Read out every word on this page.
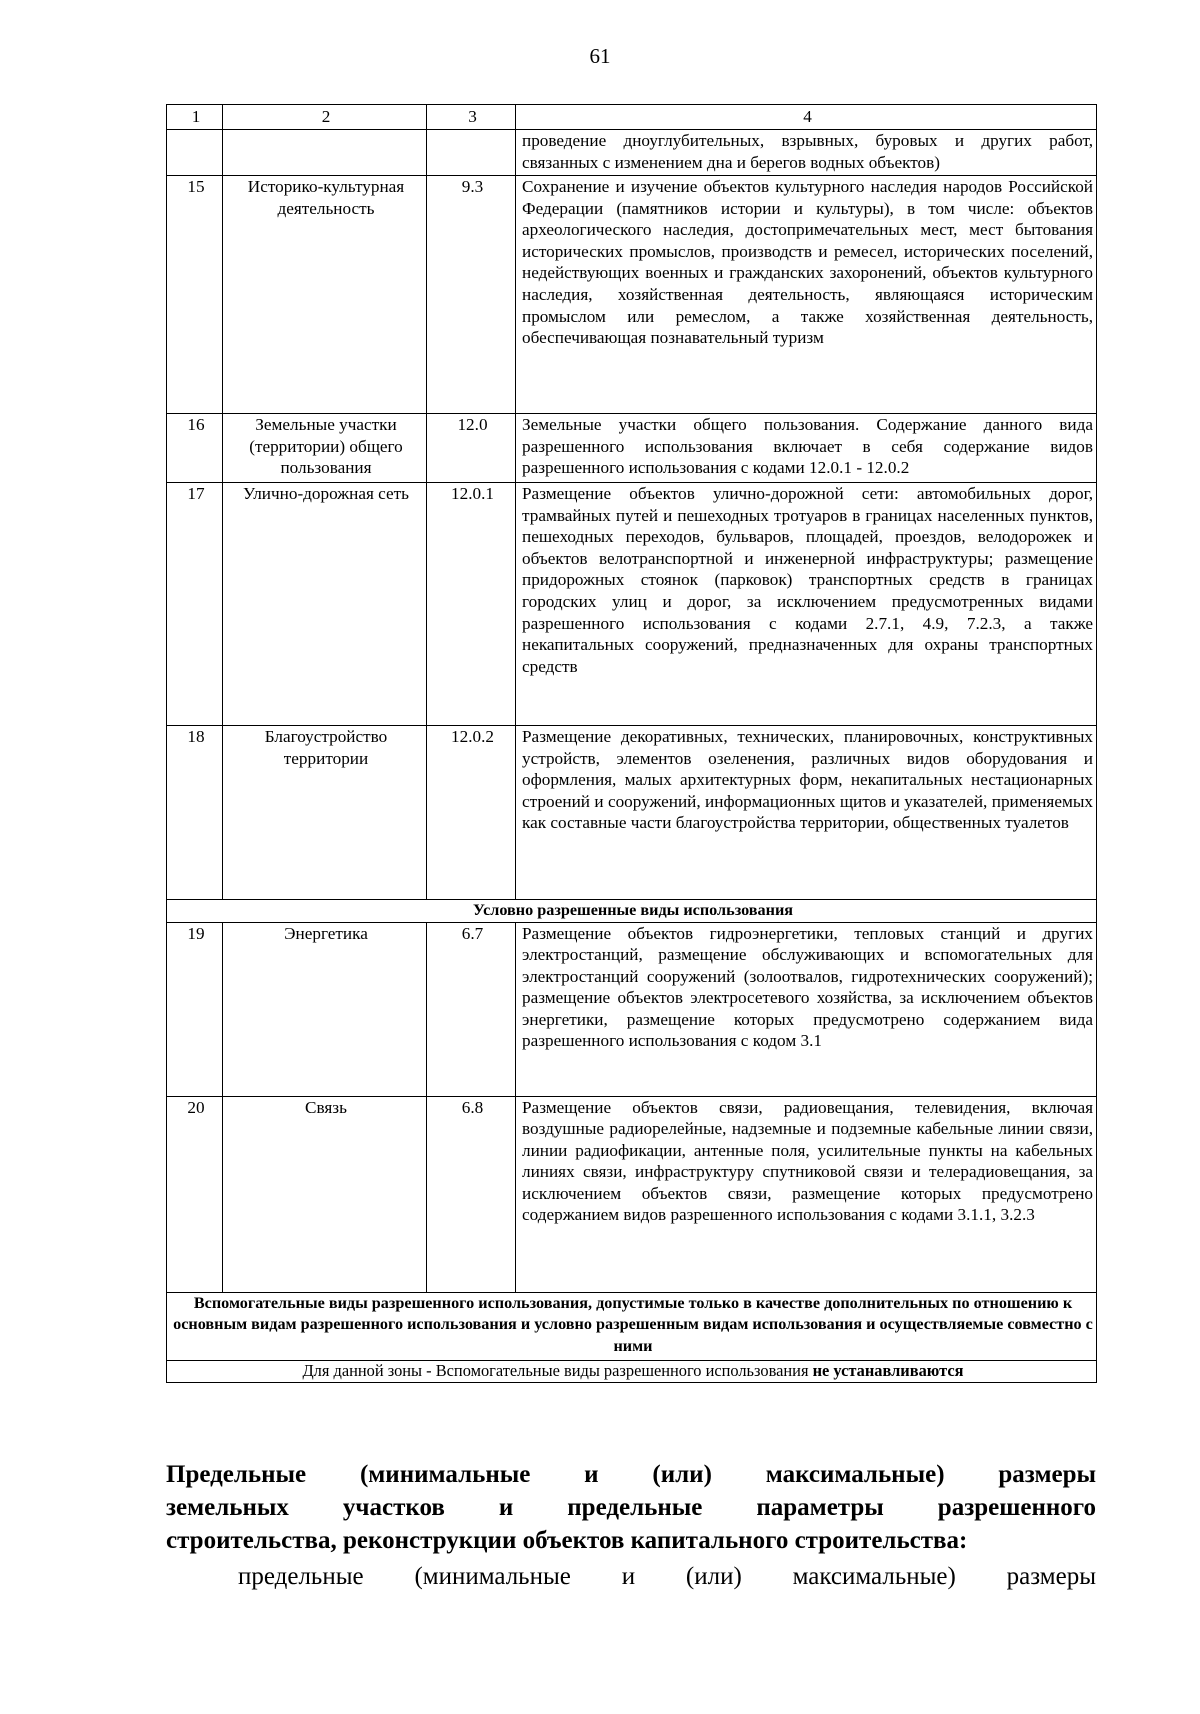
61
1	2	3	4
			проведение дноуглубительных, взрывных, буровых и других работ, связанных с изменением дна и берегов водных объектов)
15	Историко-культурная деятельность	9.3	Сохранение и изучение объектов культурного наследия народов Российской Федерации (памятников истории и культуры), в том числе: объектов археологического наследия, достопримечательных мест, мест бытования исторических промыслов, производств и ремесел, исторических поселений, недействующих военных и гражданских захоронений, объектов культурного наследия, хозяйственная деятельность, являющаяся историческим промыслом или ремеслом, а также хозяйственная деятельность, обеспечивающая познавательный туризм
16	Земельные участки (территории) общего пользования	12.0	Земельные участки общего пользования. Содержание данного вида разрешенного использования включает в себя содержание видов разрешенного использования с кодами 12.0.1 - 12.0.2
17	Улично-дорожная сеть	12.0.1	Размещение объектов улично-дорожной сети: автомобильных дорог, трамвайных путей и пешеходных тротуаров в границах населенных пунктов, пешеходных переходов, бульваров, площадей, проездов, велодорожек и объектов велотранспортной и инженерной инфраструктуры; размещение придорожных стоянок (парковок) транспортных средств в границах городских улиц и дорог, за исключением предусмотренных видами разрешенного использования с кодами 2.7.1, 4.9, 7.2.3, а также некапитальных сооружений, предназначенных для охраны транспортных средств
18	Благоустройство территории	12.0.2	Размещение декоративных, технических, планировочных, конструктивных устройств, элементов озеленения, различных видов оборудования и оформления, малых архитектурных форм, некапитальных нестационарных строений и сооружений, информационных щитов и указателей, применяемых как составные части благоустройства территории, общественных туалетов
Условно разрешенные виды использования			
19	Энергетика	6.7	Размещение объектов гидроэнергетики, тепловых станций и других электростанций, размещение обслуживающих и вспомогательных для электростанций сооружений (золоотвалов, гидротехнических сооружений); размещение объектов электросетевого хозяйства, за исключением объектов энергетики, размещение которых предусмотрено содержанием вида разрешенного использования с кодом 3.1
20	Связь	6.8	Размещение объектов связи, радиовещания, телевидения, включая воздушные радиорелейные, надземные и подземные кабельные линии связи, линии радиофикации, антенные поля, усилительные пункты на кабельных линиях связи, инфраструктуру спутниковой связи и телерадиовещания, за исключением объектов связи, размещение которых предусмотрено содержанием видов разрешенного использования с кодами 3.1.1, 3.2.3
Вспомогательные виды разрешенного использования, допустимые только в качестве дополнительных по отношению к основным видам разрешенного использования и условно разрешенным видам использования и осуществляемые совместно с ними			
Для данной зоны - Вспомогательные виды разрешенного использования не устанавливаются			
Предельные (минимальные и (или) максимальные) размеры
земельных участков и предельные параметры разрешенного
строительства, реконструкции объектов капитального строительства:
предельные (минимальные и (или) максимальные) размеры
